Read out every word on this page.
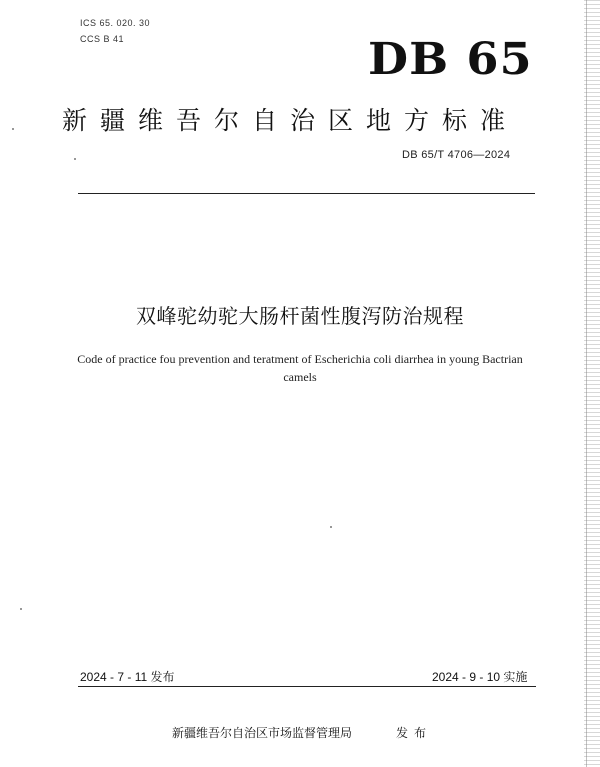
ICS 65. 020. 30
CCS B 41	DB 65
新疆维吾尔自治区地方标准
DB 65/T 4706—2024
双峰驼幼驼大肠杆菌性腹泻防治规程
Code of practice fou prevention and teratment of Escherichia coli diarrhea in young Bactrian camels
2024 - 7 - 11 发布	2024 - 9 - 10 实施
新疆维吾尔自治区市场监督管理局	发布
